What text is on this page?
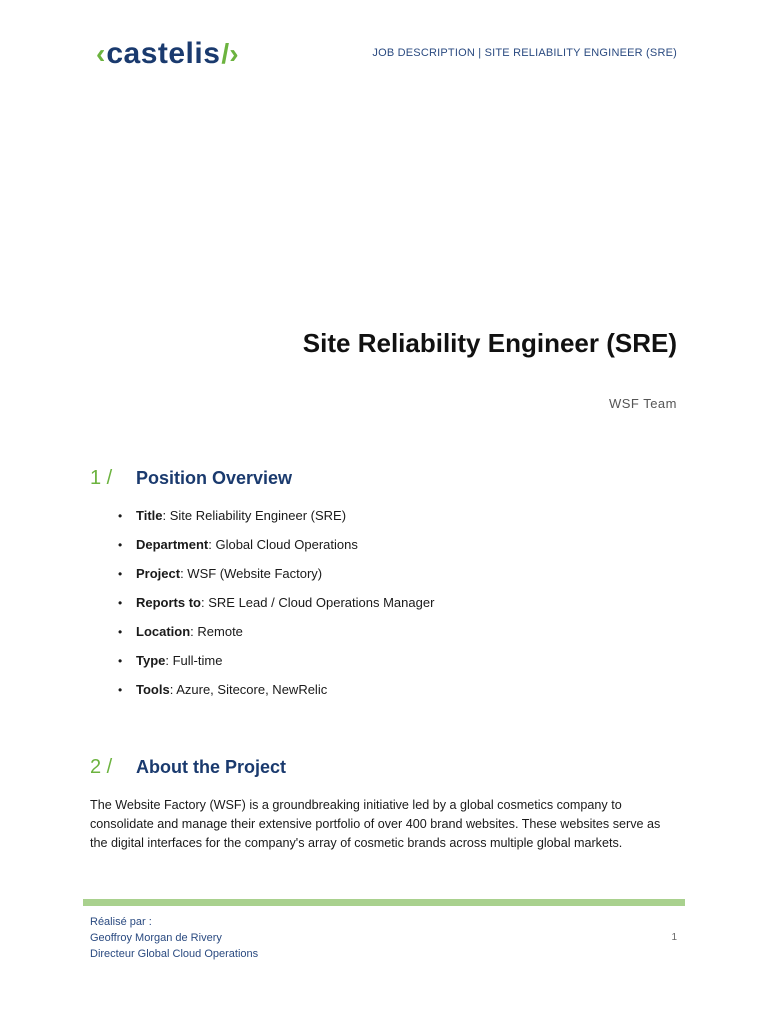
‹ castelis /›	JOB DESCRIPTION | SITE RELIABILITY ENGINEER (SRE)
Site Reliability Engineer (SRE)
WSF Team
1 /	Position Overview
• Title: Site Reliability Engineer (SRE)
• Department: Global Cloud Operations
• Project: WSF (Website Factory)
• Reports to: SRE Lead / Cloud Operations Manager
• Location: Remote
• Type: Full-time
• Tools: Azure, Sitecore, NewRelic
2 /	About the Project
The Website Factory (WSF) is a groundbreaking initiative led by a global cosmetics company to consolidate and manage their extensive portfolio of over 400 brand websites. These websites serve as the digital interfaces for the company's array of cosmetic brands across multiple global markets.
Réalisé par :
Geoffroy Morgan de Rivery
Directeur Global Cloud Operations
1
